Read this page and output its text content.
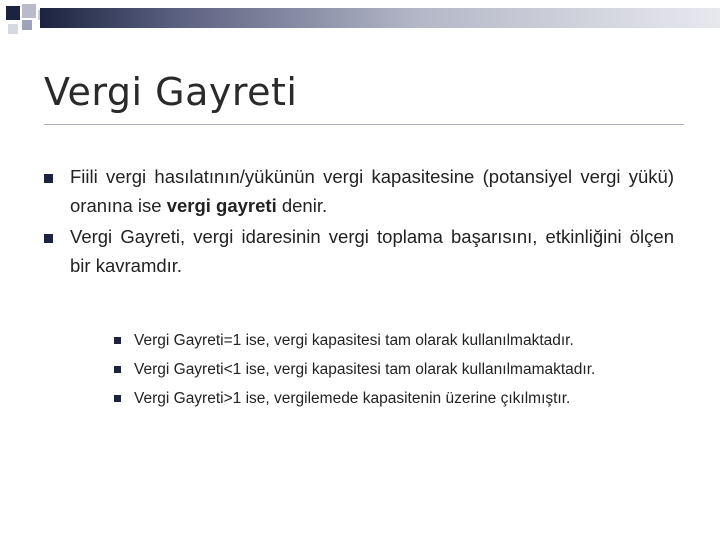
Vergi Gayreti
Fiili vergi hasılatının/yükünün vergi kapasitesine (potansiyel vergi yükü) oranına ise vergi gayreti denir.
Vergi Gayreti, vergi idaresinin vergi toplama başarısını, etkinliğini ölçen bir kavramdır.
Vergi Gayreti=1 ise, vergi kapasitesi tam olarak kullanılmaktadır.
Vergi Gayreti<1 ise, vergi kapasitesi tam olarak kullanılmamaktadır.
Vergi Gayreti>1 ise, vergilemede kapasitenin üzerine çıkılmıştır.
